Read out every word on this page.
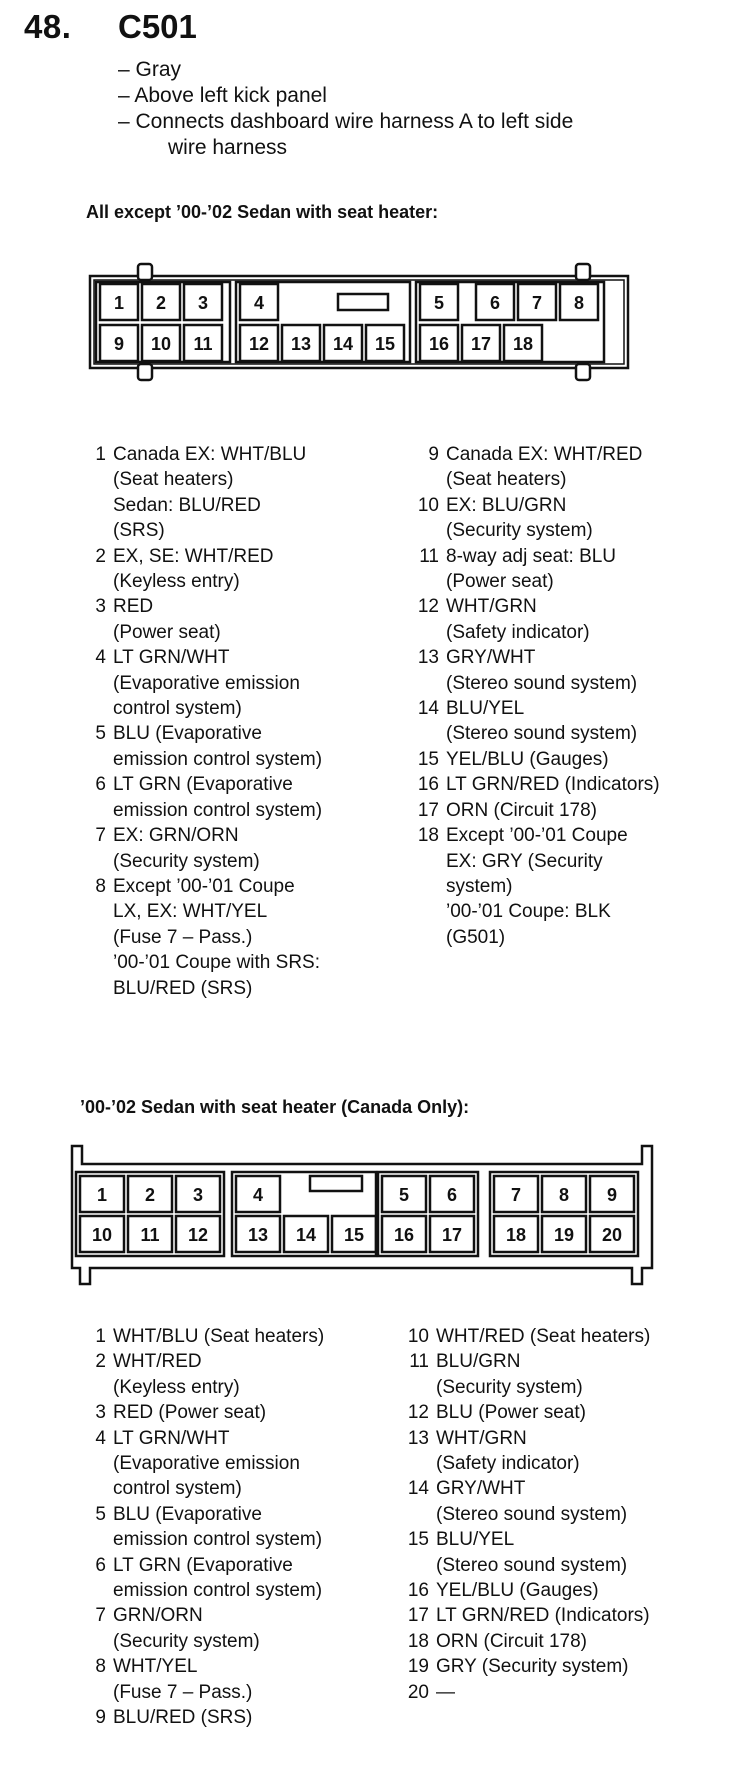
48. C501
– Gray
– Above left kick panel
– Connects dashboard wire harness A to left side
wire harness
All except ’00-’02 Sedan with seat heater:
1 2 3	4	5	6 7 8
9 10 11 12 13 14 15 16 17 18
1 Canada EX: WHT/BLU
(Seat heaters)
Sedan: BLU/RED
(SRS)
2 EX, SE: WHT/RED
(Keyless entry)
3 RED
(Power seat)
4 LT GRN/WHT
(Evaporative emission
control system)
5 BLU (Evaporative
emission control system)
6 LT GRN (Evaporative
emission control system)
7 EX: GRN/ORN
(Security system)
8 Except ’00-’01 Coupe
LX, EX: WHT/YEL
(Fuse 7 – Pass.)
’00-’01 Coupe with SRS:
BLU/RED (SRS)
9 Canada EX: WHT/RED
(Seat heaters)
10 EX: BLU/GRN
(Security system)
11 8-way adj seat: BLU
(Power seat)
12 WHT/GRN
(Safety indicator)
13 GRY/WHT
(Stereo sound system)
14 BLU/YEL
(Stereo sound system)
15 YEL/BLU (Gauges)
16 LT GRN/RED (Indicators)
17 ORN (Circuit 178)
18 Except ’00-’01 Coupe
EX: GRY (Security
system)
’00-’01 Coupe: BLK
(G501)
’00-’02 Sedan with seat heater (Canada Only):
1 2 3	4	5 6	7 8 9
10 11 12 13 14 15 16 17 18 19 20
1 WHT/BLU (Seat heaters)
2 WHT/RED
(Keyless entry)
3 RED (Power seat)
4 LT GRN/WHT
(Evaporative emission
control system)
5 BLU (Evaporative
emission control system)
6 LT GRN (Evaporative
emission control system)
7 GRN/ORN
(Security system)
8 WHT/YEL
(Fuse 7 – Pass.)
9 BLU/RED (SRS)
10 WHT/RED (Seat heaters)
11 BLU/GRN
(Security system)
12 BLU (Power seat)
13 WHT/GRN
(Safety indicator)
14 GRY/WHT
(Stereo sound system)
15 BLU/YEL
(Stereo sound system)
16 YEL/BLU (Gauges)
17 LT GRN/RED (Indicators)
18 ORN (Circuit 178)
19 GRY (Security system)
20 —
